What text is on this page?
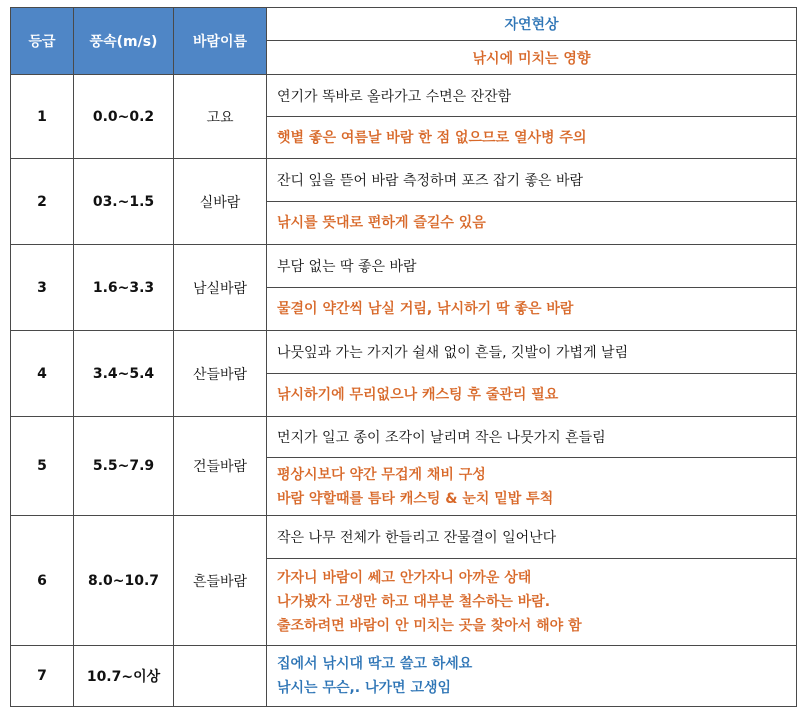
등급	풍속(m/s)	바람이름	자연현상
			낚시에 미치는 영향
1	0.0~0.2	고요	연기가 똑바로 올라가고 수면은 잔잔함

			햇볕 좋은 여름날 바람 한 점 없으므로 열사병 주의

2	03.~1.5	실바람	잔디 잎을 뜯어 바람 측정하며 포즈 잡기 좋은 바람

			낚시를 뜻대로 편하게 즐길수 있음

3	1.6~3.3	남실바람	부담 없는 딱 좋은 바람

			물결이 약간씩 남실 거림, 낚시하기 딱 좋은 바람

4	3.4~5.4	산들바람	나뭇잎과 가는 가지가 쉴새 없이 흔들, 깃발이 가볍게 날림

			낚시하기에 무리없으나 캐스팅 후 줄관리 필요

5	5.5~7.9	건들바람	먼지가 일고 종이 조각이 날리며 작은 나뭇가지 흔들림

			평상시보다 약간 무겁게 채비 구성
바람 약할때를 틈타 캐스팅 & 눈치 밑밥 투척

6	8.0~10.7	흔들바람	작은 나무 전체가 한들리고 잔물결이 일어난다

			가자니 바람이 쎄고 안가자니 아까운 상태
나가봤자 고생만 하고 대부분 철수하는 바람.
출조하려면 바람이 안 미치는 곳을 찾아서 해야 함

7	10.7~이상		집에서 낚시대 딱고 쓸고 하세요
낚시는 무슨,. 나가면 고생임
